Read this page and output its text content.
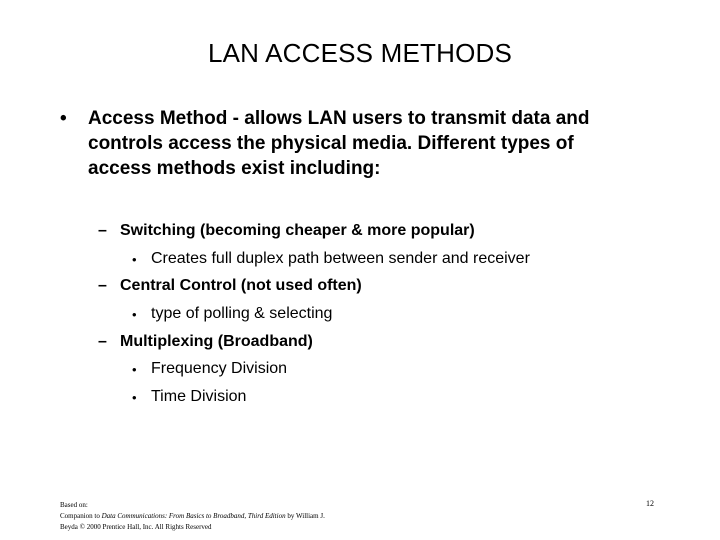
LAN ACCESS METHODS
• Access Method - allows LAN users to transmit data and
controls access the physical media. Different types of
access methods exist including:
– Switching (becoming cheaper & more popular)
• Creates full duplex path between sender and receiver
– Central Control (not used often)
• type of polling & selecting
– Multiplexing (Broadband)
• Frequency Division
• Time Division
Based on:
Companion to Data Communications: From Basics to Broadband, Third Edition by William J.
Beyda © 2000 Prentice Hall, Inc. All Rights Reserved
12
